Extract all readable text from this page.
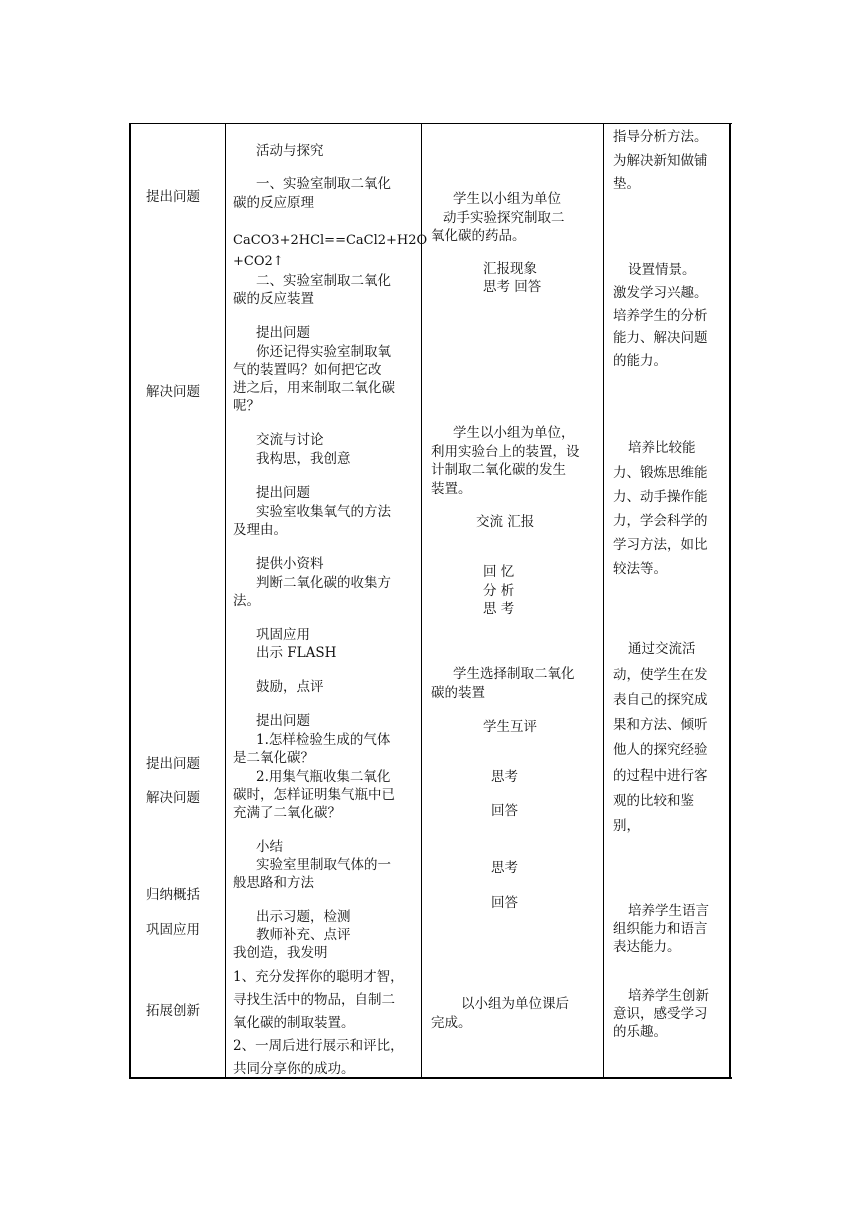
提出问题
解决问题
提出问题
解决问题
归纳概括
巩固应用
拓展创新
活动与探究
一、实验室制取二氧化
碳的反应原理
CaCO3+2HCl==CaCl2+H2O
+CO2↑
二、实验室制取二氧化
碳的反应装置
提出问题
你还记得实验室制取氧
气的装置吗？如何把它改
进之后，用来制取二氧化碳
呢？
交流与讨论
我构思，我创意
提出问题
实验室收集氧气的方法
及理由。
提供小资料
判断二氧化碳的收集方
法。
巩固应用
出示 FLASH
鼓励，点评
提出问题
1.怎样检验生成的气体
是二氧化碳？
2.用集气瓶收集二氧化
碳时，怎样证明集气瓶中已
充满了二氧化碳？
小结
实验室里制取气体的一
般思路和方法
出示习题，检测
教师补充、点评
我创造，我发明
1、充分发挥你的聪明才智，
寻找生活中的物品，自制二
氧化碳的制取装置。
2、一周后进行展示和评比，
共同分享你的成功。
学生以小组为单位
动手实验探究制取二
氧化碳的药品。
汇报现象
思考 回答
学生以小组为单位，
利用实验台上的装置，设
计制取二氧化碳的发生
装置。
交流 汇报
回 忆
分 析
思 考
学生选择制取二氧化
碳的装置
学生互评
思考
回答
思考
回答
以小组为单位课后
完成。
指导分析方法。
为解决新知做铺
垫。
设置情景。
激发学习兴趣。
培养学生的分析
能力、解决问题
的能力。
培养比较能
力、锻炼思维能
力、动手操作能
力，学会科学的
学习方法，如比
较法等。
通过交流活
动，使学生在发
表自己的探究成
果和方法、倾听
他人的探究经验
的过程中进行客
观的比较和鉴
别，
培养学生语言
组织能力和语言
表达能力。
培养学生创新
意识，感受学习
的乐趣。
